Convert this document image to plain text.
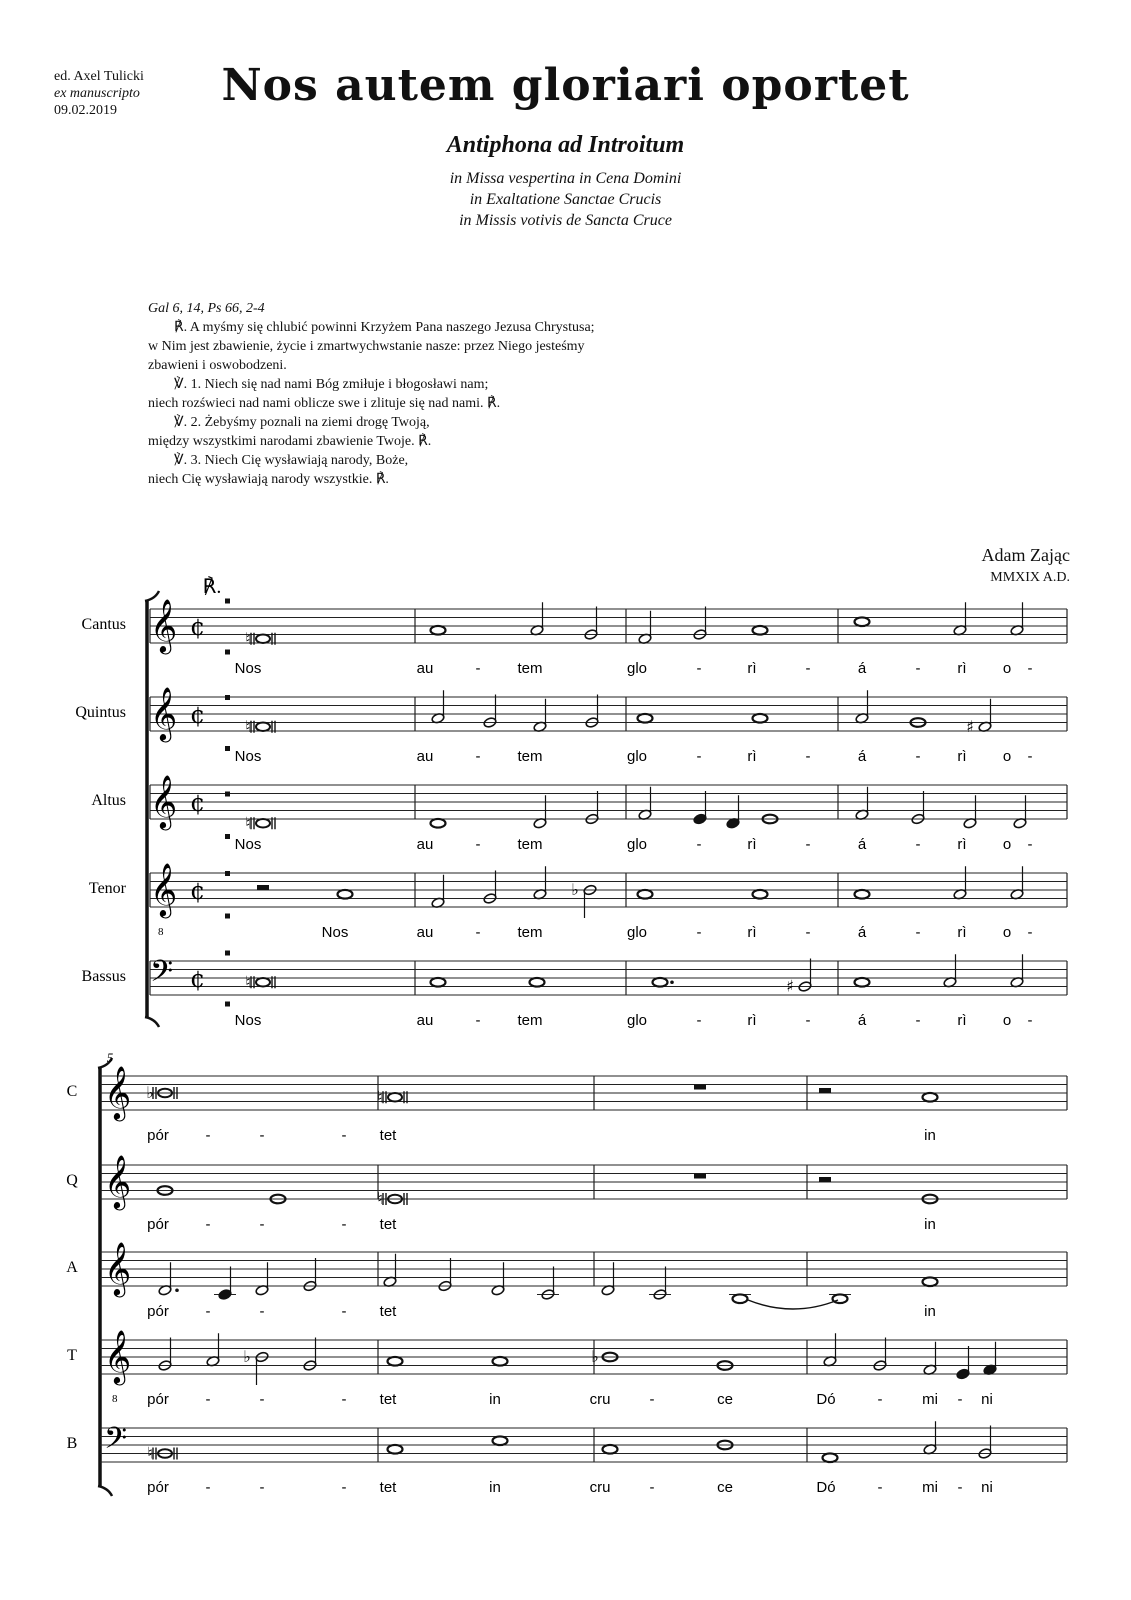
ed. Axel Tulicki
ex manuscripto
09.02.2019	Nos autem gloriari oportet
Antiphona ad Introitum
in Missa vespertina in Cena Domini
in Exaltatione Sanctae Crucis
in Missis votivis de Sancta Cruce
Gal 6, 14, Ps 66, 2-4
℟. A myśmy się chlubić powinni Krzyżem Pana naszego Jezusa Chrystusa;
w Nim jest zbawienie, życie i zmartwychwstanie nasze: przez Niego jesteśmy
zbawieni i oswobodzeni.
℣. 1. Niech się nad nami Bóg zmiłuje i błogosławi nam;
niech rozświeci nad nami oblicze swe i zlituje się nad nami. ℟.
℣. 2. Żebyśmy poznali na ziemi drogę Twoją,
między wszystkimi narodami zbawienie Twoje. ℟.
℣. 3. Niech Cię wysławiają narody, Boże,
niech Cię wysławiają narody wszystkie. ℟.
Adam Zając
MMXIX A.D.
Cantus 𝄞 ¢
Nos	au	- tem	glo	-	rì	-	á	- rì o -
Quintus 𝄞 ¢
Nos	au	- tem	glo	-	rì	-	á	- rì o -
Altus 𝄞 ¢
Nos	au	- tem	glo	-	rì	-	á	- rì o -
Tenor 𝄞
8
¢
Nos	au	- tem	glo	-	rì	-	á	- rì o -
Bassus 𝄢 ¢
Nos	au	- tem	glo	-	rì	-	á	- rì o -
℟.
♮
♮	♯
♮
♭
♮	♯
5
C 𝄞
pór -	-	- tet	in
Q 𝄞
pór -	-	- tet	in
A 𝄞
pór -	-	- tet	in
T 𝄞
8 pór -	-	- tet	in	cru	-	ce	Dó	-	mi - ni
B 𝄢
pór -	-	- tet	in	cru	-	ce	Dó	-	mi - ni
♭	♮
♮
♭	♭
♮
